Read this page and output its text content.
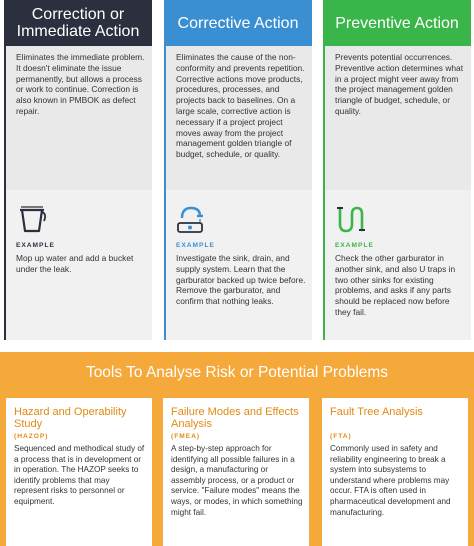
Correction or Immediate Action
Eliminates the immediate problem. It doesn't eliminate the issue permanently, but allows a process or work to continue. Correction is also known in PMBOK as defect repair.
EXAMPLE
Mop up water and add a bucket under the leak.
Corrective Action
Eliminates the cause of the non-conformity and prevents repetition. Corrective actions move products, procedures, processes, and projects back to baselines. On a large scale, corrective action is necessary if a project project moves away from the project management golden triangle of budget, schedule, or quality.
EXAMPLE
Investigate the sink, drain, and supply system. Learn that the garburator backed up twice before. Remove the garburator, and confirm that nothing leaks.
Preventive Action
Prevents potential occurrences. Preventive action determines what in a project might veer away from the project management golden triangle of budget, schedule, or quality.
EXAMPLE
Check the other garburator in another sink, and also U traps in two other sinks for existing problems, and asks if any parts should be replaced now before they fail.
Tools To Analyse Risk or Potential Problems
Hazard and Operability Study
(HAZOP)
Sequenced and methodical study of a process that is in development or in operation. The HAZOP seeks to identify problems that may represent risks to personnel or equipment.
Failure Modes and Effects Analysis
(FMEA)
A step-by-step approach for identifying all possible failures in a design, a manufacturing or assembly process, or a product or service. "Failure modes" means the ways, or modes, in which something might fail.
Fault Tree Analysis
(FTA)
Commonly used in safety and reliability engineering to break a system into subsystems to understand where problems may occur. FTA is often used in pharmaceutical development and manufacturing.
